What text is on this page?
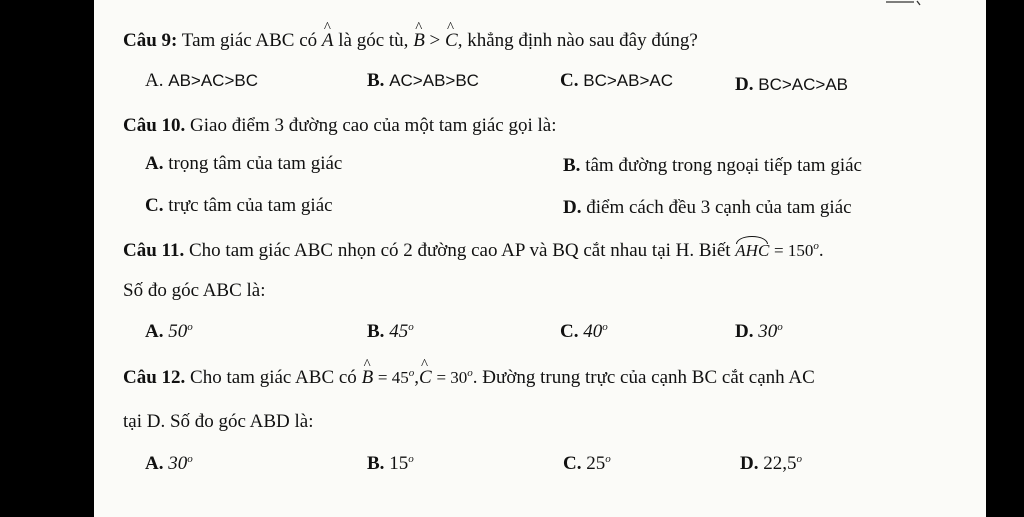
Câu 9: Tam giác ABC có ^ A là góc tù, ^ B > ^ C, khẳng định nào sau đây đúng?
A. AB>AC>BC	B. AC>AB>BC	C. BC>AB>AC	D. BC>AC>AB
Câu 10. Giao điểm 3 đường cao của một tam giác gọi là:
A. trọng tâm của tam giác	B. tâm đường trong ngoại tiếp tam giác
C. trực tâm của tam giác	D. điểm cách đều 3 cạnh của tam giác
Câu 11. Cho tam giác ABC nhọn có 2 đường cao AP và BQ cắt nhau tại H. Biết AHC = $150^o$.
Số đo góc ABC là:
A. 50$^o$	B. 45$^o$	C. 40$^o$	D. 30$^o$
Câu 12. Cho tam giác ABC có ^ $B = 45^o,\^{}$ $C = 30^o$. Đường trung trực của cạnh BC cắt cạnh AC
tại D. Số đo góc ABD là:
A. 30$^o$	B. 15$^o$	C. 25$^o$	D. 22,5$^o$
